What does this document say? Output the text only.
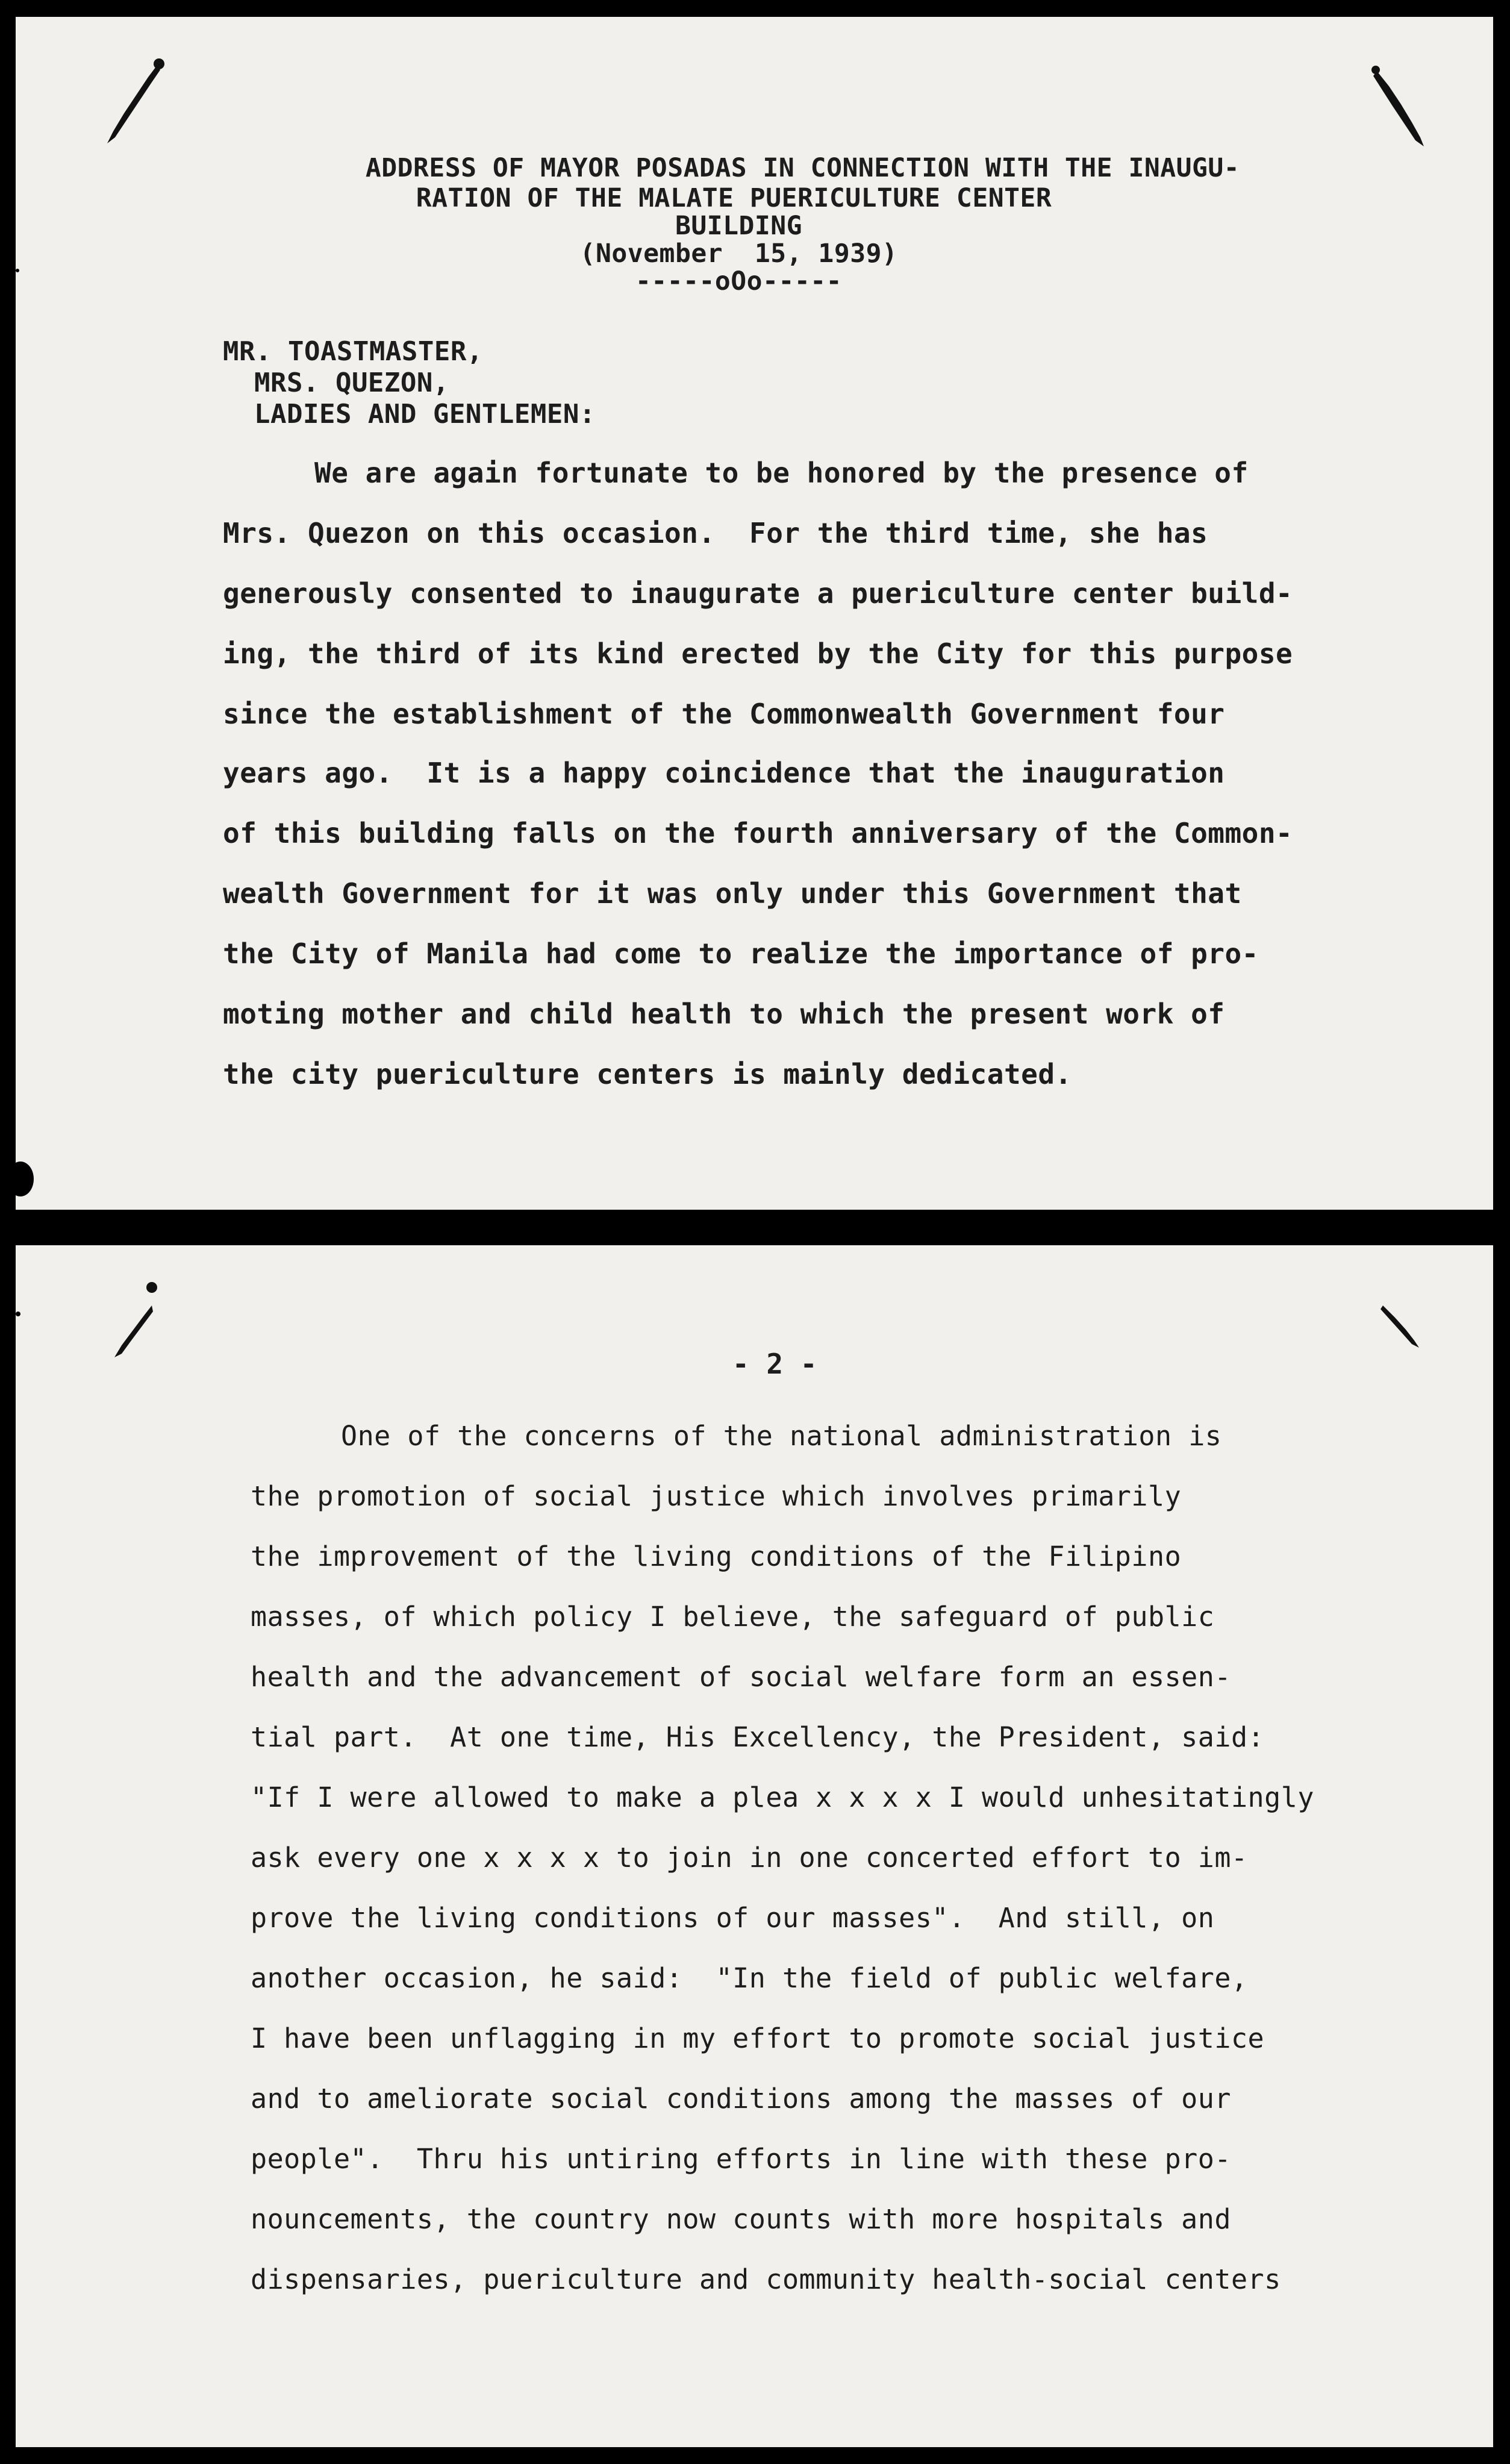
ADDRESS OF MAYOR POSADAS IN CONNECTION WITH THE INAUGU-
RATION OF THE MALATE PUERICULTURE CENTER
BUILDING
(November  15, 1939)
-----oOo-----
MR. TOASTMASTER,
MRS. QUEZON,
LADIES AND GENTLEMEN:
We are again fortunate to be honored by the presence of
Mrs. Quezon on this occasion.  For the third time, she has
generously consented to inaugurate a puericulture center build-
ing, the third of its kind erected by the City for this purpose
since the establishment of the Commonwealth Government four
years ago.  It is a happy coincidence that the inauguration
of this building falls on the fourth anniversary of the Common-
wealth Government for it was only under this Government that
the City of Manila had come to realize the importance of pro-
moting mother and child health to which the present work of
the city puericulture centers is mainly dedicated.
- 2 -
One of the concerns of the national administration is
the promotion of social justice which involves primarily
the improvement of the living conditions of the Filipino
masses, of which policy I believe, the safeguard of public
health and the advancement of social welfare form an essen-
tial part.  At one time, His Excellency, the President, said:
"If I were allowed to make a plea x x x x I would unhesitatingly
ask every one x x x x to join in one concerted effort to im-
prove the living conditions of our masses".  And still, on
another occasion, he said:  "In the field of public welfare,
I have been unflagging in my effort to promote social justice
and to ameliorate social conditions among the masses of our
people".  Thru his untiring efforts in line with these pro-
nouncements, the country now counts with more hospitals and
dispensaries, puericulture and community health-social centers
